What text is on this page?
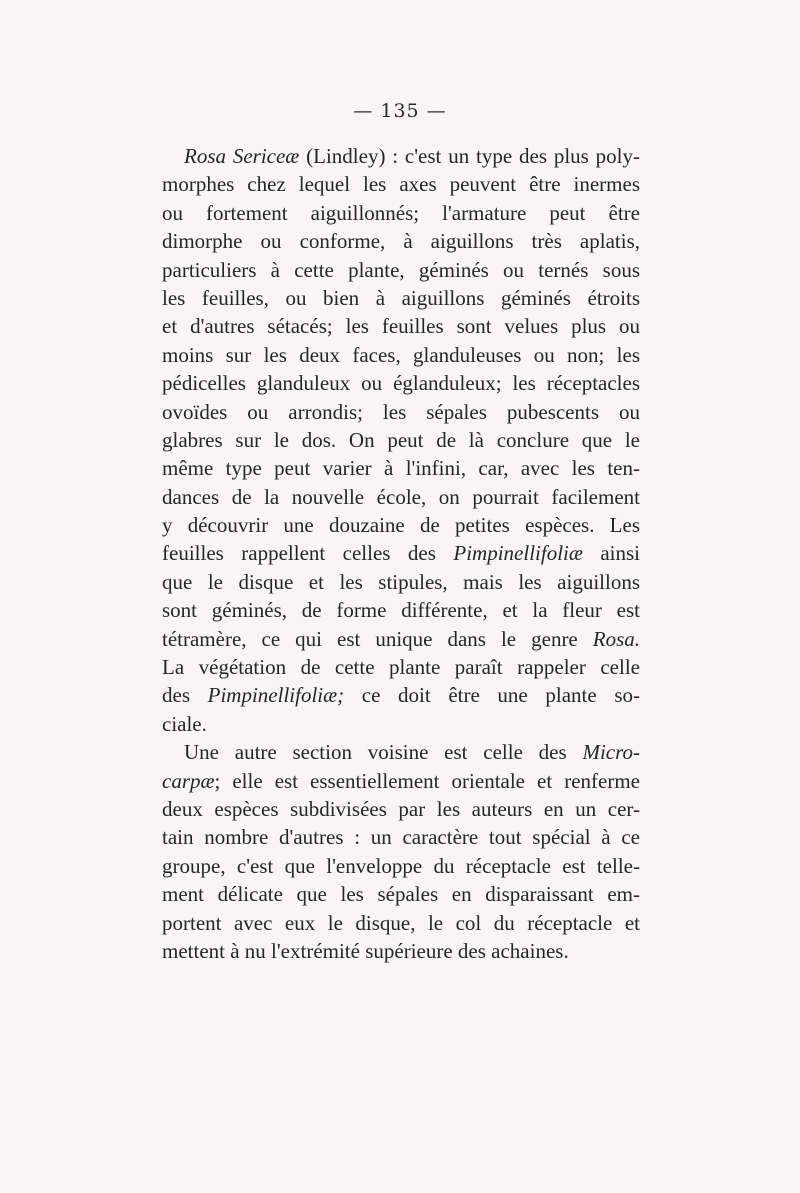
— 135 —
Rosa Sericeæ (Lindley) : c'est un type des plus poly-
morphes chez lequel les axes peuvent être inermes
ou fortement aiguillonnés; l'armature peut être
dimorphe ou conforme, à aiguillons très aplatis,
particuliers à cette plante, géminés ou ternés sous
les feuilles, ou bien à aiguillons géminés étroits
et d'autres sétacés; les feuilles sont velues plus ou
moins sur les deux faces, glanduleuses ou non; les
pédicelles glanduleux ou églanduleux; les réceptacles
ovoïdes ou arrondis; les sépales pubescents ou
glabres sur le dos. On peut de là conclure que le
même type peut varier à l'infini, car, avec les ten-
dances de la nouvelle école, on pourrait facilement
y découvrir une douzaine de petites espèces. Les
feuilles rappellent celles des Pimpinellifoliæ ainsi
que le disque et les stipules, mais les aiguillons
sont géminés, de forme différente, et la fleur est
tétramère, ce qui est unique dans le genre Rosa.
La végétation de cette plante paraît rappeler celle
des Pimpinellifoliæ; ce doit être une plante so-
ciale.
Une autre section voisine est celle des Micro-
carpæ; elle est essentiellement orientale et renferme
deux espèces subdivisées par les auteurs en un cer-
tain nombre d'autres : un caractère tout spécial à ce
groupe, c'est que l'enveloppe du réceptacle est telle-
ment délicate que les sépales en disparaissant em-
portent avec eux le disque, le col du réceptacle et
mettent à nu l'extrémité supérieure des achaines.
